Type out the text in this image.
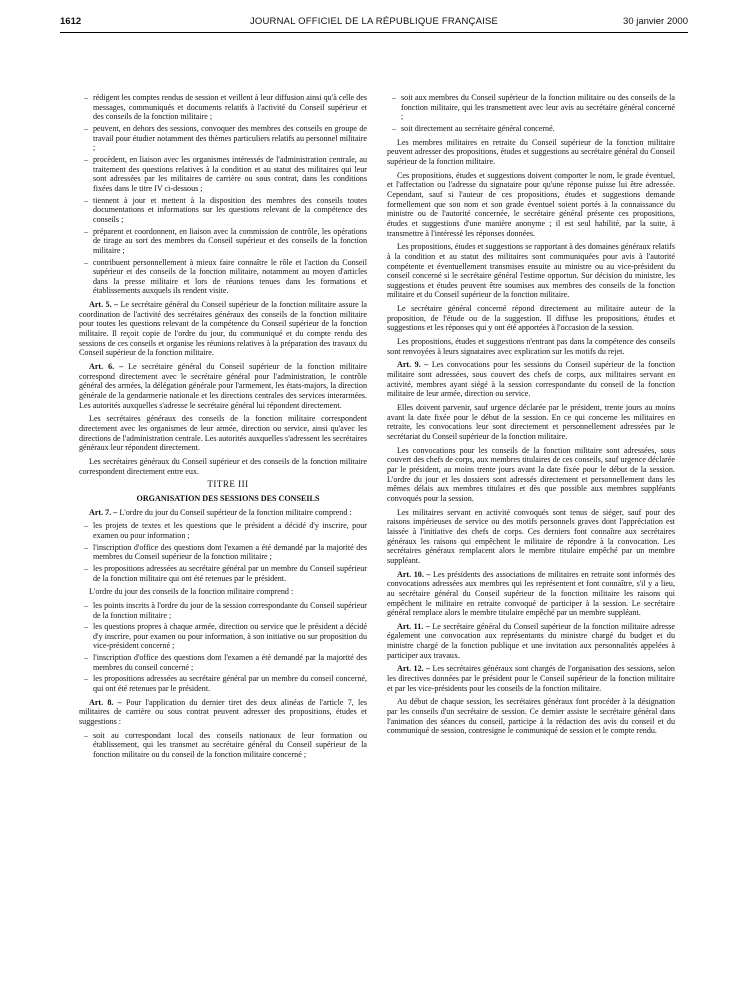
1612	JOURNAL OFFICIEL DE LA RÉPUBLIQUE FRANÇAISE	30 janvier 2000
– rédigent les comptes rendus de session et veillent à leur diffusion ainsi qu'à celle des messages, communiqués et documents relatifs à l'activité du Conseil supérieur et des conseils de la fonction militaire ;
– peuvent, en dehors des sessions, convoquer des membres des conseils en groupe de travail pour étudier notamment des thèmes particuliers relatifs au personnel militaire ;
– procèdent, en liaison avec les organismes intéressés de l'administration centrale, au traitement des questions relatives à la condition et au statut des militaires qui leur sont adressées par les militaires de carrière ou sous contrat, dans les conditions fixées dans le titre IV ci-dessous ;
– tiennent à jour et mettent à la disposition des membres des conseils toutes documentations et informations sur les questions relevant de la compétence des conseils ;
– préparent et coordonnent, en liaison avec la commission de contrôle, les opérations de tirage au sort des membres du Conseil supérieur et des conseils de la fonction militaire ;
– contribuent personnellement à mieux faire connaître le rôle et l'action du Conseil supérieur et des conseils de la fonction militaire, notamment au moyen d'articles dans la presse militaire et lors de réunions tenues dans les formations et établissements auxquels ils rendent visite.

Art. 5. – Le secrétaire général du Conseil supérieur de la fonction militaire assure la coordination de l'activité des secrétaires généraux des conseils de la fonction militaire pour toutes les questions relevant de la compétence du Conseil supérieur de la fonction militaire. Il reçoit copie de l'ordre du jour, du communiqué et du compte rendu des sessions de ces conseils et organise les réunions relatives à la préparation des travaux du Conseil supérieur de la fonction militaire.

Art. 6. – Le secrétaire général du Conseil supérieur de la fonction militaire correspond directement avec le secrétaire général pour l'administration, le contrôle général des armées, la délégation générale pour l'armement, les états-majors, la direction générale de la gendarmerie nationale et les directions centrales des services interarmées. Les autorités auxquelles s'adresse le secrétaire général lui répondent directement.

Les secrétaires généraux des conseils de la fonction militaire correspondent directement avec les organismes de leur armée, direction ou service, ainsi qu'avec les directions de l'administration centrale. Les autorités auxquelles s'adressent les secrétaires généraux leur répondent directement.

Les secrétaires généraux du Conseil supérieur et des conseils de la fonction militaire correspondent directement entre eux.

TITRE III

ORGANISATION DES SESSIONS DES CONSEILS

Art. 7. – L'ordre du jour du Conseil supérieur de la fonction militaire comprend :

– les projets de textes et les questions que le président a décidé d'y inscrire, pour examen ou pour information ;
– l'inscription d'office des questions dont l'examen a été demandé par la majorité des membres du Conseil supérieur de la fonction militaire ;
– les propositions adressées au secrétaire général par un membre du Conseil supérieur de la fonction militaire qui ont été retenues par le président.

L'ordre du jour des conseils de la fonction militaire comprend :

– les points inscrits à l'ordre du jour de la session correspondante du Conseil supérieur de la fonction militaire ;
– les questions propres à chaque armée, direction ou service que le président a décidé d'y inscrire, pour examen ou pour information, à son initiative ou sur proposition du vice-président concerné ;
– l'inscription d'office des questions dont l'examen a été demandé par la majorité des membres du conseil concerné ;
– les propositions adressées au secrétaire général par un membre du conseil concerné, qui ont été retenues par le président.

Art. 8. – Pour l'application du dernier tiret des deux alinéas de l'article 7, les militaires de carrière ou sous contrat peuvent adresser des propositions, études et suggestions :

– soit au correspondant local des conseils nationaux de leur formation ou établissement, qui les transmet au secrétaire général du Conseil supérieur de la fonction militaire ou du conseil de la fonction militaire concerné ;
– soit aux membres du Conseil supérieur de la fonction militaire ou des conseils de la fonction militaire, qui les transmettent avec leur avis au secrétaire général concerné ;
– soit directement au secrétaire général concerné.

Les membres militaires en retraite du Conseil supérieur de la fonction militaire peuvent adresser des propositions, études et suggestions au secrétaire général du Conseil supérieur de la fonction militaire.

Ces propositions, études et suggestions doivent comporter le nom, le grade éventuel, et l'affectation ou l'adresse du signataire pour qu'une réponse puisse lui être adressée. Cependant, sauf si l'auteur de ces propositions, études et suggestions demande formellement que son nom et son grade éventuel soient portés à la connaissance du ministre ou de l'autorité concernée, le secrétaire général présente ces propositions, études et suggestions d'une manière anonyme ; il est seul habilité, par la suite, à transmettre à l'intéressé les réponses données.

Les propositions, études et suggestions se rapportant à des domaines généraux relatifs à la condition et au statut des militaires sont communiquées pour avis à l'autorité compétente et éventuellement transmises ensuite au ministre ou au vice-président du conseil concerné si le secrétaire général l'estime opportun. Sur décision du ministre, les suggestions et études peuvent être soumises aux membres des conseils de la fonction militaire et du Conseil supérieur de la fonction militaire.

Le secrétaire général concerné répond directement au militaire auteur de la proposition, de l'étude ou de la suggestion. Il diffuse les propositions, études et suggestions et les réponses qui y ont été apportées à l'occasion de la session.

Les propositions, études et suggestions n'entrant pas dans la compétence des conseils sont renvoyées à leurs signataires avec explication sur les motifs du rejet.

Art. 9. – Les convocations pour les sessions du Conseil supérieur de la fonction militaire sont adressées, sous couvert des chefs de corps, aux militaires servant en activité, membres ayant siégé à la session correspondante du conseil de la fonction militaire de leur armée, direction ou service.

Elles doivent parvenir, sauf urgence déclarée par le président, trente jours au moins avant la date fixée pour le début de la session. En ce qui concerne les militaires en retraite, les convocations leur sont directement et personnellement adressées par le secrétariat du Conseil supérieur de la fonction militaire.

Les convocations pour les conseils de la fonction militaire sont adressées, sous couvert des chefs de corps, aux membres titulaires de ces conseils, sauf urgence déclarée par le président, au moins trente jours avant la date fixée pour le début de la session. L'ordre du jour et les dossiers sont adressés directement et personnellement dans les mêmes délais aux membres titulaires et dès que possible aux membres suppléants convoqués pour la session.

Les militaires servant en activité convoqués sont tenus de siéger, sauf pour des raisons impérieuses de service ou des motifs personnels graves dont l'appréciation est laissée à l'initiative des chefs de corps. Ces derniers font connaître aux secrétaires généraux les raisons qui empêchent le militaire de répondre à la convocation. Les secrétaires généraux remplacent alors le membre titulaire empêché par un membre suppléant.

Art. 10. – Les présidents des associations de militaires en retraite sont informés des convocations adressées aux membres qui les représentent et font connaître, s'il y a lieu, au secrétaire général du Conseil supérieur de la fonction militaire les raisons qui empêchent le militaire en retraite convoqué de participer à la session. Le secrétaire général remplace alors le membre titulaire empêché par un membre suppléant.

Art. 11. – Le secrétaire général du Conseil supérieur de la fonction militaire adresse également une convocation aux représentants du ministre chargé du budget et du ministre chargé de la fonction publique et une invitation aux personnalités appelées à participer aux travaux.

Art. 12. – Les secrétaires généraux sont chargés de l'organisation des sessions, selon les directives données par le président pour le Conseil supérieur de la fonction militaire et par les vice-présidents pour les conseils de la fonction militaire.

Au début de chaque session, les secrétaires généraux font procéder à la désignation par les conseils d'un secrétaire de session. Ce dernier assiste le secrétaire général dans l'animation des séances du conseil, participe à la rédaction des avis du conseil et du communiqué de session, contresigne le communiqué de session et le compte rendu.
